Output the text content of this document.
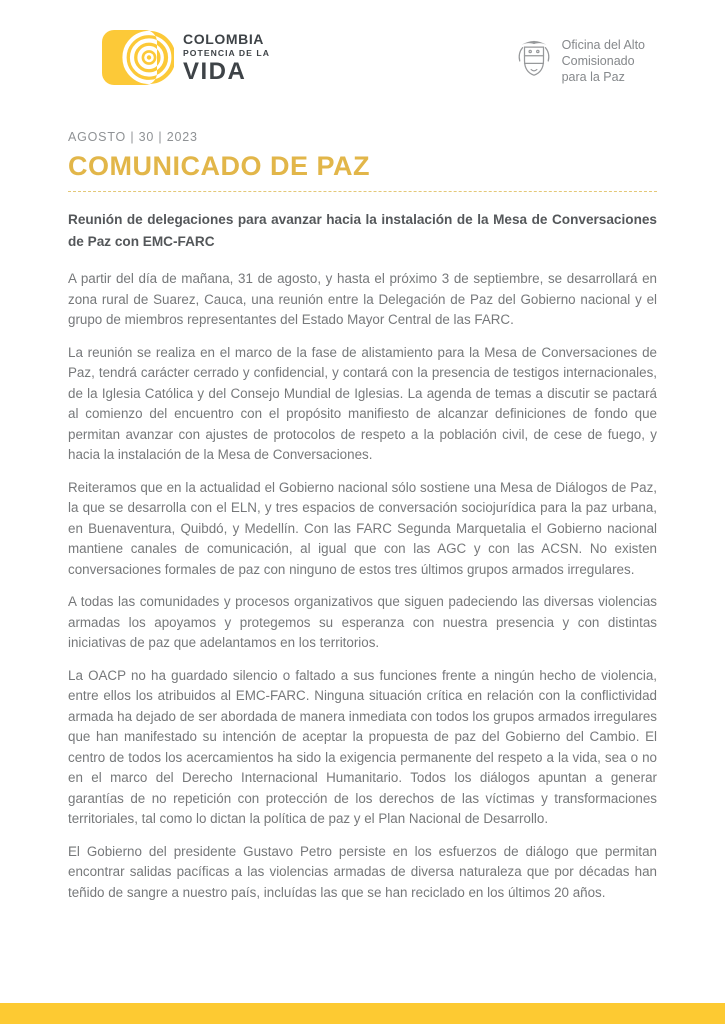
COLOMBIA
POTENCIA DE LA
VIDA
Oficina del Alto
Comisionado
para la Paz
AGOSTO | 30 | 2023
COMUNICADO DE PAZ

Reunión de delegaciones para avanzar hacia la instalación de la Mesa de Conversaciones de Paz con EMC-FARC

A partir del día de mañana, 31 de agosto, y hasta el próximo 3 de septiembre, se desarrollará en zona rural de Suarez, Cauca, una reunión entre la Delegación de Paz del Gobierno nacional y el grupo de miembros representantes del Estado Mayor Central de las FARC.

La reunión se realiza en el marco de la fase de alistamiento para la Mesa de Conversaciones de Paz, tendrá carácter cerrado y confidencial, y contará con la presencia de testigos internacionales, de la Iglesia Católica y del Consejo Mundial de Iglesias. La agenda de temas a discutir se pactará al comienzo del encuentro con el propósito manifiesto de alcanzar definiciones de fondo que permitan avanzar con ajustes de protocolos de respeto a la población civil, de cese de fuego, y hacia la instalación de la Mesa de Conversaciones.

Reiteramos que en la actualidad el Gobierno nacional sólo sostiene una Mesa de Diálogos de Paz, la que se desarrolla con el ELN, y tres espacios de conversación sociojurídica para la paz urbana, en Buenaventura, Quibdó, y Medellín. Con las FARC Segunda Marquetalia el Gobierno nacional mantiene canales de comunicación, al igual que con las AGC y con las ACSN. No existen conversaciones formales de paz con ninguno de estos tres últimos grupos armados irregulares.

A todas las comunidades y procesos organizativos que siguen padeciendo las diversas violencias armadas los apoyamos y protegemos su esperanza con nuestra presencia y con distintas iniciativas de paz que adelantamos en los territorios.

La OACP no ha guardado silencio o faltado a sus funciones frente a ningún hecho de violencia, entre ellos los atribuidos al EMC-FARC. Ninguna situación crítica en relación con la conflictividad armada ha dejado de ser abordada de manera inmediata con todos los grupos armados irregulares que han manifestado su intención de aceptar la propuesta de paz del Gobierno del Cambio. El centro de todos los acercamientos ha sido la exigencia permanente del respeto a la vida, sea o no en el marco del Derecho Internacional Humanitario. Todos los diálogos apuntan a generar garantías de no repetición con protección de los derechos de las víctimas y transformaciones territoriales, tal como lo dictan la política de paz y el Plan Nacional de Desarrollo.

El Gobierno del presidente Gustavo Petro persiste en los esfuerzos de diálogo que permitan encontrar salidas pacíficas a las violencias armadas de diversa naturaleza que por décadas han teñido de sangre a nuestro país, incluídas las que se han reciclado en los últimos 20 años.
